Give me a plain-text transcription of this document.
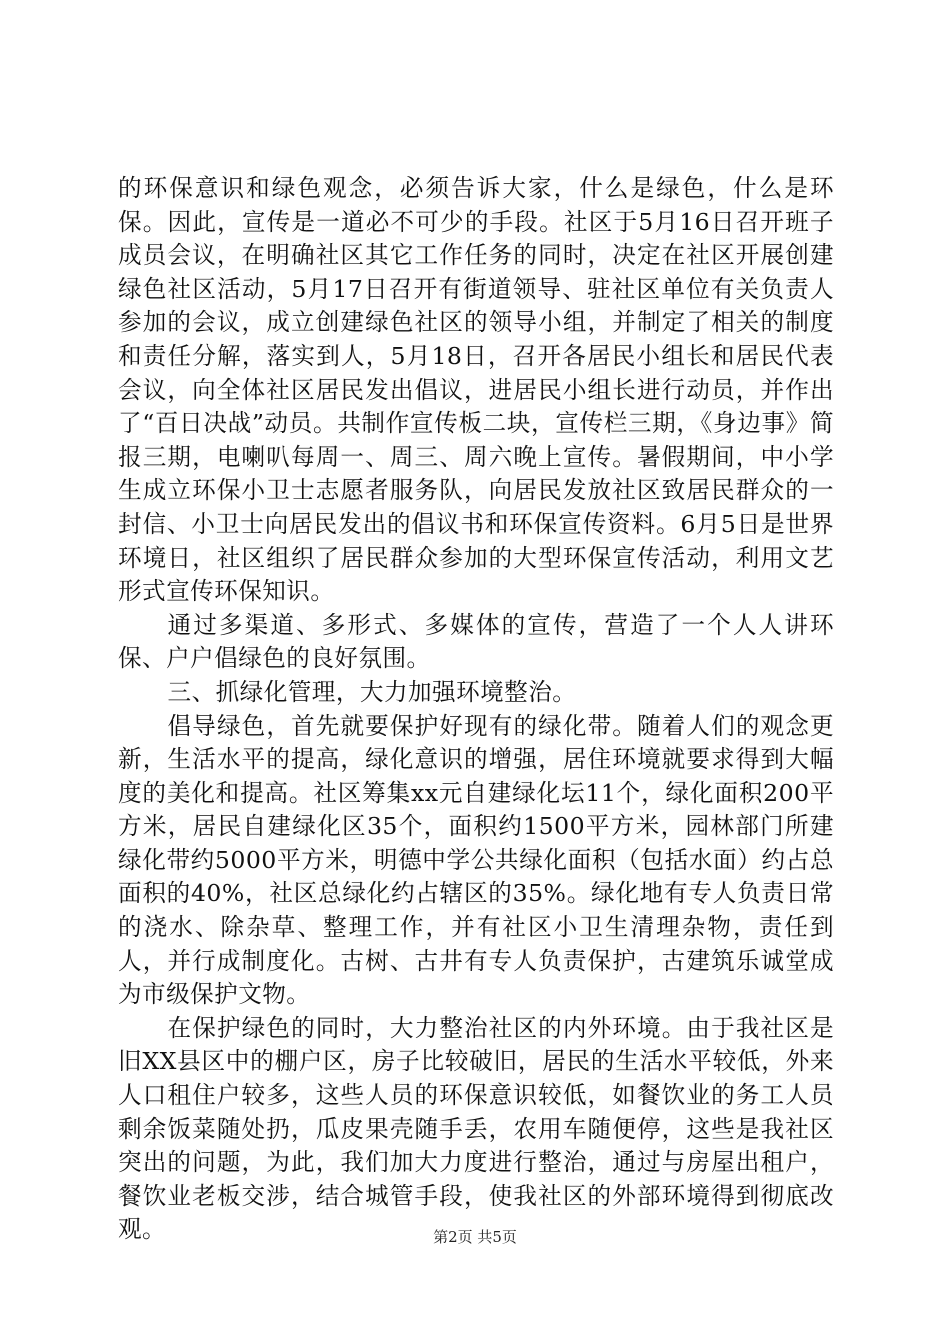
的环保意识和绿色观念，必须告诉大家，什么是绿色，什么是环保。因此，宣传是一道必不可少的手段。社区于5月16日召开班子成员会议，在明确社区其它工作任务的同时，决定在社区开展创建绿色社区活动，5月17日召开有街道领导、驻社区单位有关负责人参加的会议，成立创建绿色社区的领导小组，并制定了相关的制度和责任分解，落实到人，5月18日，召开各居民小组长和居民代表会议，向全体社区居民发出倡议，进居民小组长进行动员，并作出了“百日决战”动员。共制作宣传板二块，宣传栏三期，《身边事》简报三期，电喇叭每周一、周三、周六晚上宣传。暑假期间，中小学生成立环保小卫士志愿者服务队，向居民发放社区致居民群众的一封信、小卫士向居民发出的倡议书和环保宣传资料。6月5日是世界环境日，社区组织了居民群众参加的大型环保宣传活动，利用文艺形式宣传环保知识。

通过多渠道、多形式、多媒体的宣传，营造了一个人人讲环保、户户倡绿色的良好氛围。

三、抓绿化管理，大力加强环境整治。

倡导绿色，首先就要保护好现有的绿化带。随着人们的观念更新，生活水平的提高，绿化意识的增强，居住环境就要求得到大幅度的美化和提高。社区筹集xx元自建绿化坛11个，绿化面积200平方米，居民自建绿化区35个，面积约1500平方米，园林部门所建绿化带约5000平方米，明德中学公共绿化面积（包括水面）约占总面积的40%，社区总绿化约占辖区的35%。绿化地有专人负责日常的浇水、除杂草、整理工作，并有社区小卫生清理杂物，责任到人，并行成制度化。古树、古井有专人负责保护，古建筑乐诚堂成为市级保护文物。

在保护绿色的同时，大力整治社区的内外环境。由于我社区是旧XX县区中的棚户区，房子比较破旧，居民的生活水平较低，外来人口租住户较多，这些人员的环保意识较低，如餐饮业的务工人员剩余饭菜随处扔，瓜皮果壳随手丢，农用车随便停，这些是我社区突出的问题，为此，我们加大力度进行整治，通过与房屋出租户，餐饮业老板交涉，结合城管手段，使我社区的外部环境得到彻底改观。	第2页 共5页
